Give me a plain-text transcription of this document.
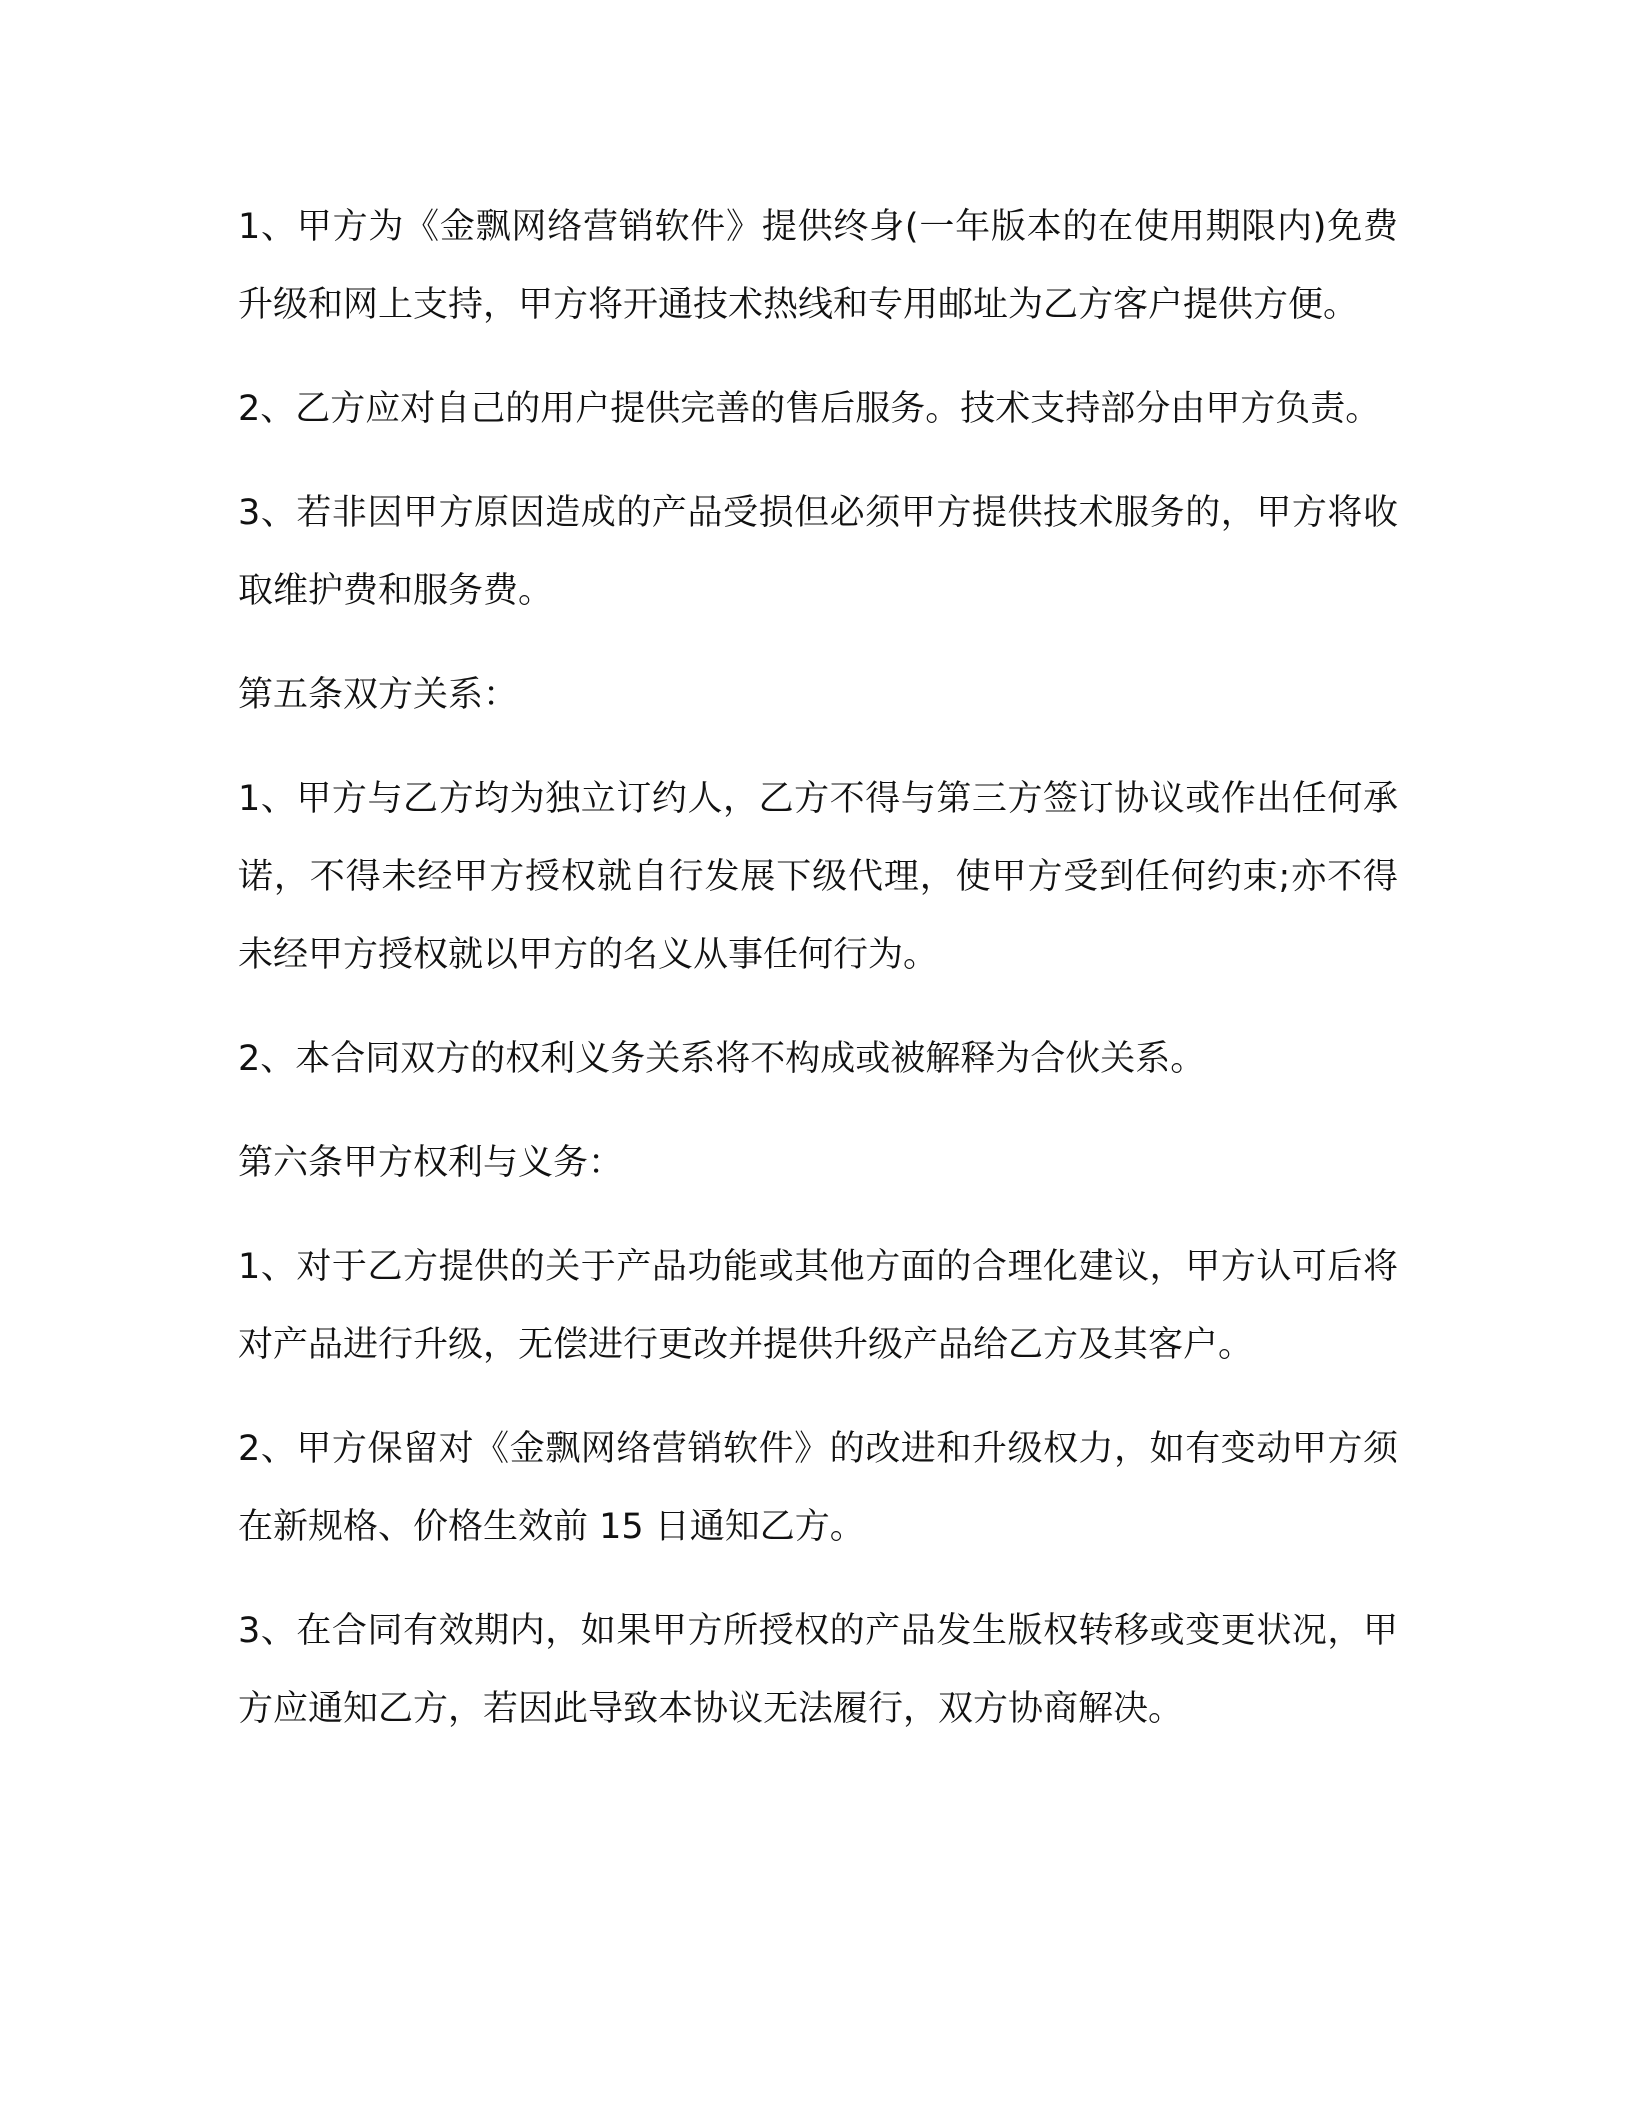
1、甲方为《金飘网络营销软件》提供终身(一年版本的在使用期限内)免费升级和网上支持，甲方将开通技术热线和专用邮址为乙方客户提供方便。

2、乙方应对自己的用户提供完善的售后服务。技术支持部分由甲方负责。

3、若非因甲方原因造成的产品受损但必须甲方提供技术服务的，甲方将收取维护费和服务费。

第五条双方关系：

1、甲方与乙方均为独立订约人，乙方不得与第三方签订协议或作出任何承诺，不得未经甲方授权就自行发展下级代理，使甲方受到任何约束;亦不得未经甲方授权就以甲方的名义从事任何行为。

2、本合同双方的权利义务关系将不构成或被解释为合伙关系。

第六条甲方权利与义务：

1、对于乙方提供的关于产品功能或其他方面的合理化建议，甲方认可后将对产品进行升级，无偿进行更改并提供升级产品给乙方及其客户。

2、甲方保留对《金飘网络营销软件》的改进和升级权力，如有变动甲方须在新规格、价格生效前 15 日通知乙方。

3、在合同有效期内，如果甲方所授权的产品发生版权转移或变更状况，甲方应通知乙方，若因此导致本协议无法履行，双方协商解决。
